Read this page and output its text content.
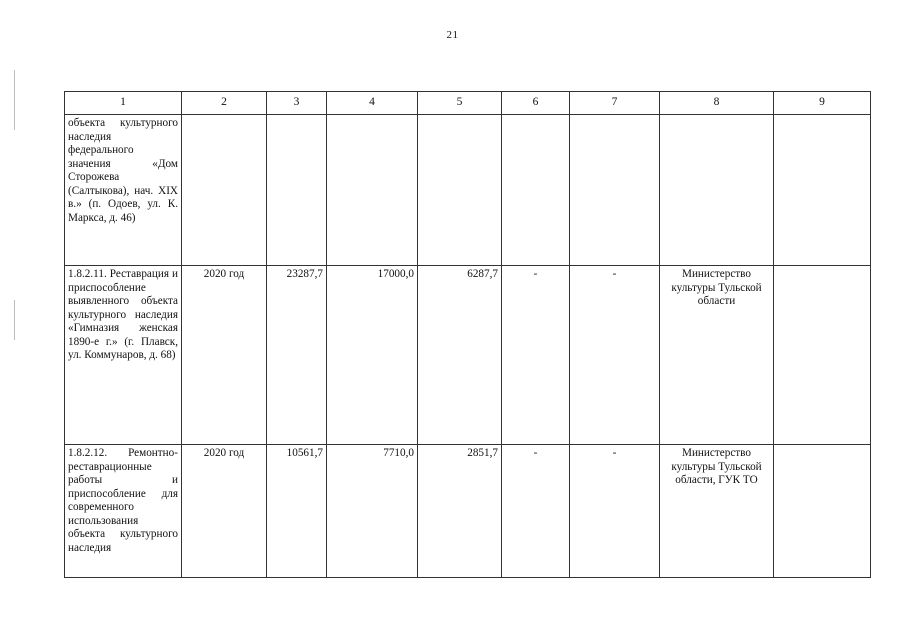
21
1	2	3	4	5	6	7	8	9
объекта культурного наследия федерального значения «Дом Сторожева (Салтыкова), нач. XIX в.» (п. Одоев, ул. К. Маркса, д. 46)								
1.8.2.11. Реставрация и приспособление выявленного объекта культурного наследия «Гимназия женская 1890-е г.» (г. Плавск, ул. Коммунаров, д. 68)	2020 год	23287,7	17000,0	6287,7	-	-	Министерство культуры Тульской области	
1.8.2.12. Ремонтно-реставрационные работы и приспособление для современного использования объекта культурного наследия	2020 год	10561,7	7710,0	2851,7	-	-	Министерство культуры Тульской области, ГУК ТО	
